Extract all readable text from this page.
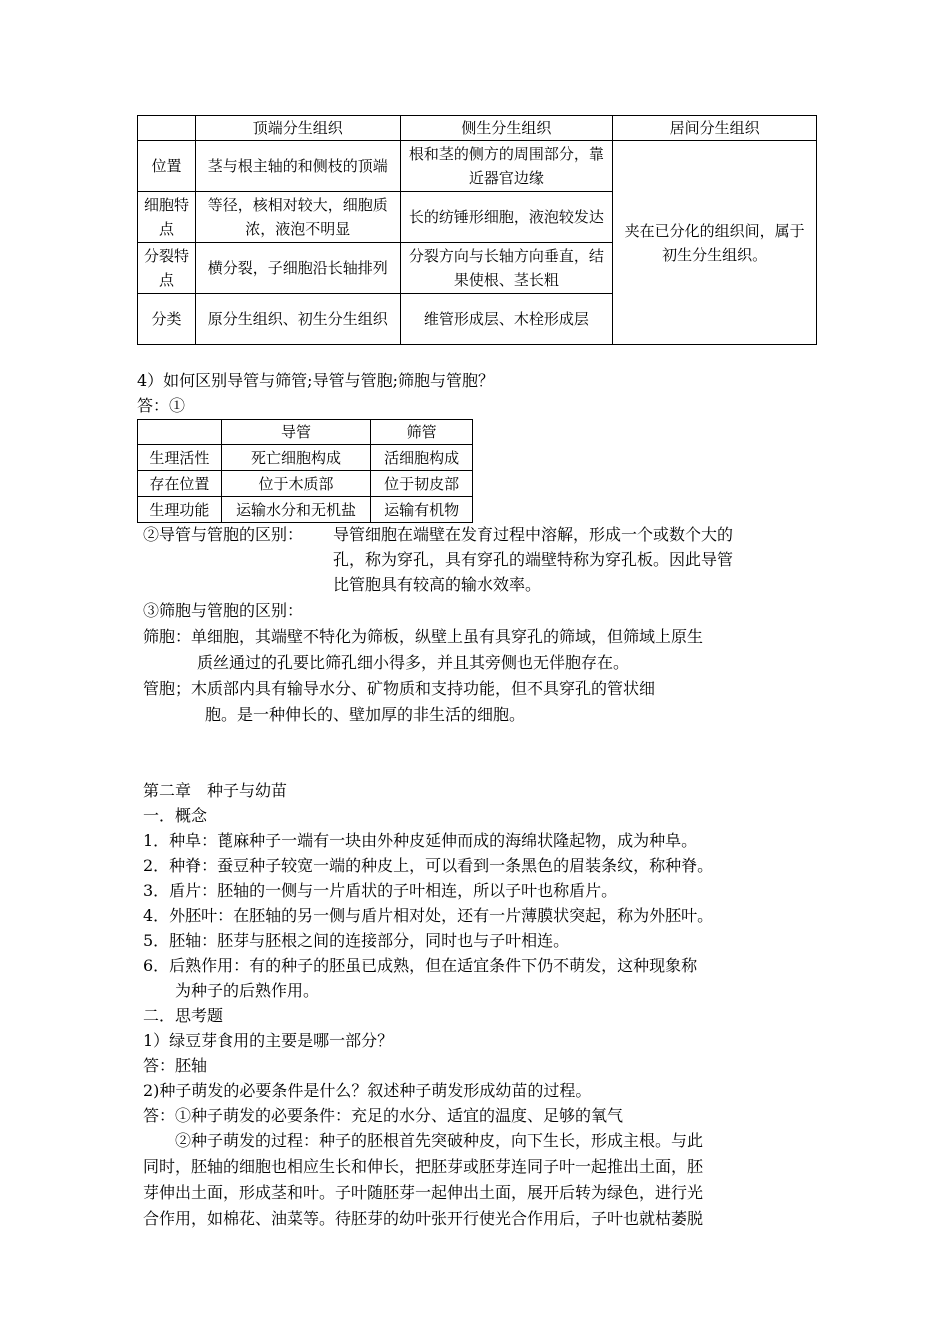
	顶端分生组织	侧生分生组织	居间分生组织
位置	茎与根主轴的和侧枝的顶端	根和茎的侧方的周围部分，靠近器官边缘	夹在已分化的组织间，属于初生分生组织。
细胞特点	等径，核相对较大，细胞质浓，液泡不明显	长的纺锤形细胞，液泡较发达	
分裂特点	横分裂，子细胞沿长轴排列	分裂方向与长轴方向垂直，结果使根、茎长粗	
分类	原分生组织、初生分生组织	维管形成层、木栓形成层	
4）如何区别导管与筛管;导管与管胞;筛胞与管胞？
答：①
	导管	筛管
生理活性	死亡细胞构成	活细胞构成
存在位置	位于木质部	位于韧皮部
生理功能	运输水分和无机盐	运输有机物
②导管与管胞的区别： 导管细胞在端壁在发育过程中溶解，形成一个或数个大的
孔，称为穿孔，具有穿孔的端壁特称为穿孔板。因此导管
比管胞具有较高的输水效率。
③筛胞与管胞的区别：
筛胞：单细胞，其端壁不特化为筛板，纵壁上虽有具穿孔的筛域，但筛域上原生
质丝通过的孔要比筛孔细小得多，并且其旁侧也无伴胞存在。
管胞；木质部内具有输导水分、矿物质和支持功能，但不具穿孔的管状细
胞。是一种伸长的、壁加厚的非生活的细胞。
第二章　种子与幼苗
一．概念
1．种阜：蓖麻种子一端有一块由外种皮延伸而成的海绵状隆起物，成为种阜。
2．种脊：蚕豆种子较宽一端的种皮上，可以看到一条黑色的眉装条纹，称种脊。
3．盾片：胚轴的一侧与一片盾状的子叶相连，所以子叶也称盾片。
4．外胚叶：在胚轴的另一侧与盾片相对处，还有一片薄膜状突起，称为外胚叶。
5．胚轴：胚芽与胚根之间的连接部分，同时也与子叶相连。
6．后熟作用：有的种子的胚虽已成熟，但在适宜条件下仍不萌发，这种现象称
为种子的后熟作用。
二．思考题
1）绿豆芽食用的主要是哪一部分？
答：胚轴
2)种子萌发的必要条件是什么？叙述种子萌发形成幼苗的过程。
答：①种子萌发的必要条件：充足的水分、适宜的温度、足够的氧气
②种子萌发的过程：种子的胚根首先突破种皮，向下生长，形成主根。与此
同时，胚轴的细胞也相应生长和伸长，把胚芽或胚芽连同子叶一起推出土面，胚
芽伸出土面，形成茎和叶。子叶随胚芽一起伸出土面，展开后转为绿色，进行光
合作用，如棉花、油菜等。待胚芽的幼叶张开行使光合作用后，子叶也就枯萎脱
